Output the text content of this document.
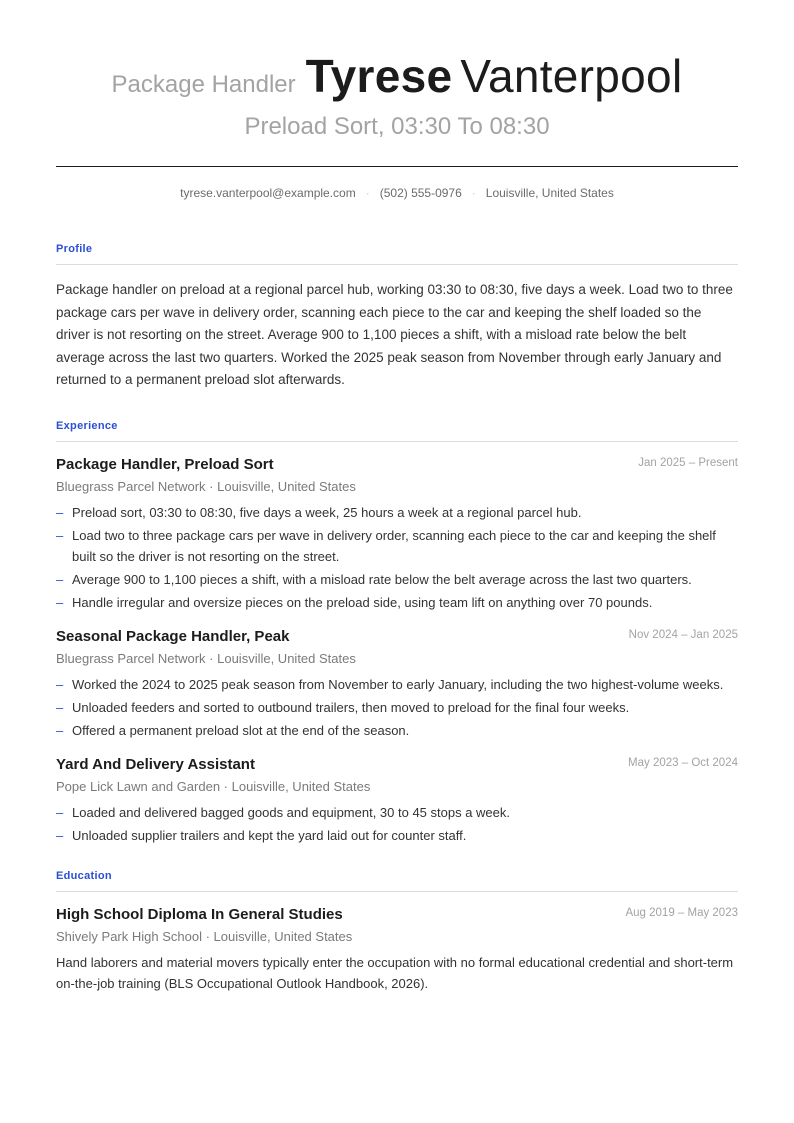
Package Handler Tyrese Vanterpool
Preload Sort, 03:30 To 08:30
tyrese.vanterpool@example.com · (502) 555-0976 · Louisville, United States
Profile
Package handler on preload at a regional parcel hub, working 03:30 to 08:30, five days a week. Load two to three package cars per wave in delivery order, scanning each piece to the car and keeping the shelf loaded so the driver is not resorting on the street. Average 900 to 1,100 pieces a shift, with a misload rate below the belt average across the last two quarters. Worked the 2025 peak season from November through early January and returned to a permanent preload slot afterwards.
Experience
Package Handler, Preload Sort	Jan 2025 – Present
Bluegrass Parcel Network · Louisville, United States
– Preload sort, 03:30 to 08:30, five days a week, 25 hours a week at a regional parcel hub.
– Load two to three package cars per wave in delivery order, scanning each piece to the car and keeping the shelf built so the driver is not resorting on the street.
– Average 900 to 1,100 pieces a shift, with a misload rate below the belt average across the last two quarters.
– Handle irregular and oversize pieces on the preload side, using team lift on anything over 70 pounds.
Seasonal Package Handler, Peak	Nov 2024 – Jan 2025
Bluegrass Parcel Network · Louisville, United States
– Worked the 2024 to 2025 peak season from November to early January, including the two highest-volume weeks.
– Unloaded feeders and sorted to outbound trailers, then moved to preload for the final four weeks.
– Offered a permanent preload slot at the end of the season.
Yard And Delivery Assistant	May 2023 – Oct 2024
Pope Lick Lawn and Garden · Louisville, United States
– Loaded and delivered bagged goods and equipment, 30 to 45 stops a week.
– Unloaded supplier trailers and kept the yard laid out for counter staff.
Education
High School Diploma In General Studies	Aug 2019 – May 2023
Shively Park High School · Louisville, United States
Hand laborers and material movers typically enter the occupation with no formal educational credential and short-term on-the-job training (BLS Occupational Outlook Handbook, 2026).
